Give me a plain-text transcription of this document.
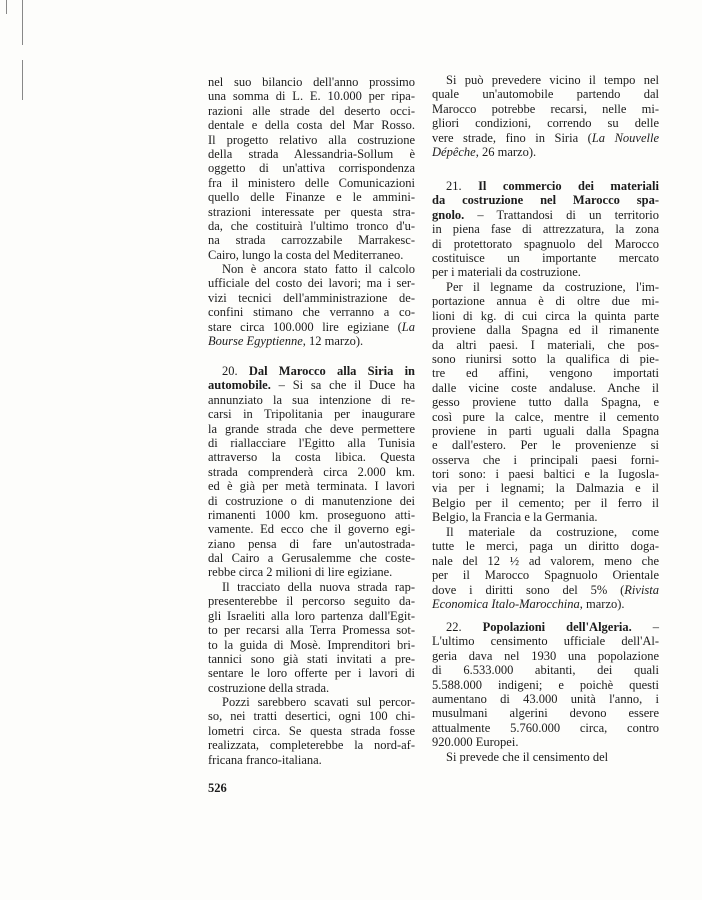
nel suo bilancio dell'anno prossimo
una somma di L. E. 10.000 per ripa-
razioni alle strade del deserto occi-
dentale e della costa del Mar Rosso.
Il progetto relativo alla costruzione
della strada Alessandria-Sollum è
oggetto di un'attiva corrispondenza
fra il ministero delle Comunicazioni
quello delle Finanze e le ammini-
strazioni interessate per questa stra-
da, che costituirà l'ultimo tronco d'u-
na strada carrozzabile Marrakesc-
Cairo, lungo la costa del Mediterraneo.
Non è ancora stato fatto il calcolo
ufficiale del costo dei lavori; ma i ser-
vizi tecnici dell'amministrazione de-
confini stimano che verranno a co-
stare circa 100.000 lire egiziane (La
Bourse Egyptienne, 12 marzo).
20. Dal Marocco alla Siria in
automobile. – Si sa che il Duce ha
annunziato la sua intenzione di re-
carsi in Tripolitania per inaugurare
la grande strada che deve permettere
di riallacciare l'Egitto alla Tunisia
attraverso la costa libica. Questa
strada comprenderà circa 2.000 km.
ed è già per metà terminata. I lavori
di costruzione o di manutenzione dei
rimanenti 1000 km. proseguono atti-
vamente. Ed ecco che il governo egi-
ziano pensa di fare un'autostrada-
dal Cairo a Gerusalemme che coste-
rebbe circa 2 milioni di lire egiziane.
Il tracciato della nuova strada rap-
presenterebbe il percorso seguito da-
gli Israeliti alla loro partenza dall'Egit-
to per recarsi alla Terra Promessa sot-
to la guida di Mosè. Imprenditori bri-
tannici sono già stati invitati a pre-
sentare le loro offerte per i lavori di
costruzione della strada.
Pozzi sarebbero scavati sul percor-
so, nei tratti desertici, ogni 100 chi-
lometri circa. Se questa strada fosse
realizzata, completerebbe la nord-af-
fricana franco-italiana.
Si può prevedere vicino il tempo nel
quale un'automobile partendo dal
Marocco potrebbe recarsi, nelle mi-
gliori condizioni, correndo su delle
vere strade, fino in Siria (La Nouvelle
Dépêche, 26 marzo).
21. Il commercio dei materiali
da costruzione nel Marocco spa-
gnolo. – Trattandosi di un territorio
in piena fase di attrezzatura, la zona
di protettorato spagnuolo del Marocco
costituisce un importante mercato
per i materiali da costruzione.
Per il legname da costruzione, l'im-
portazione annua è di oltre due mi-
lioni di kg. di cui circa la quinta parte
proviene dalla Spagna ed il rimanente
da altri paesi. I materiali, che pos-
sono riunirsi sotto la qualifica di pie-
tre ed affini, vengono importati
dalle vicine coste andaluse. Anche il
gesso proviene tutto dalla Spagna, e
così pure la calce, mentre il cemento
proviene in parti uguali dalla Spagna
e dall'estero. Per le provenienze si
osserva che i principali paesi forni-
tori sono: i paesi baltici e la Iugosla-
via per i legnami; la Dalmazia e il
Belgio per il cemento; per il ferro il
Belgio, la Francia e la Germania.
Il materiale da costruzione, come
tutte le merci, paga un diritto doga-
nale del 12 ½ ad valorem, meno che
per il Marocco Spagnuolo Orientale
dove i diritti sono del 5% (Rivista
Economica Italo-Marocchina, marzo).
22. Popolazioni dell'Algeria. –
L'ultimo censimento ufficiale dell'Al-
geria dava nel 1930 una popolazione
di 6.533.000 abitanti, dei quali
5.588.000 indigeni; e poichè questi
aumentano di 43.000 unità l'anno, i
musulmani algerini devono essere
attualmente 5.760.000 circa, contro
920.000 Europei.
Si prevede che il censimento del
526
